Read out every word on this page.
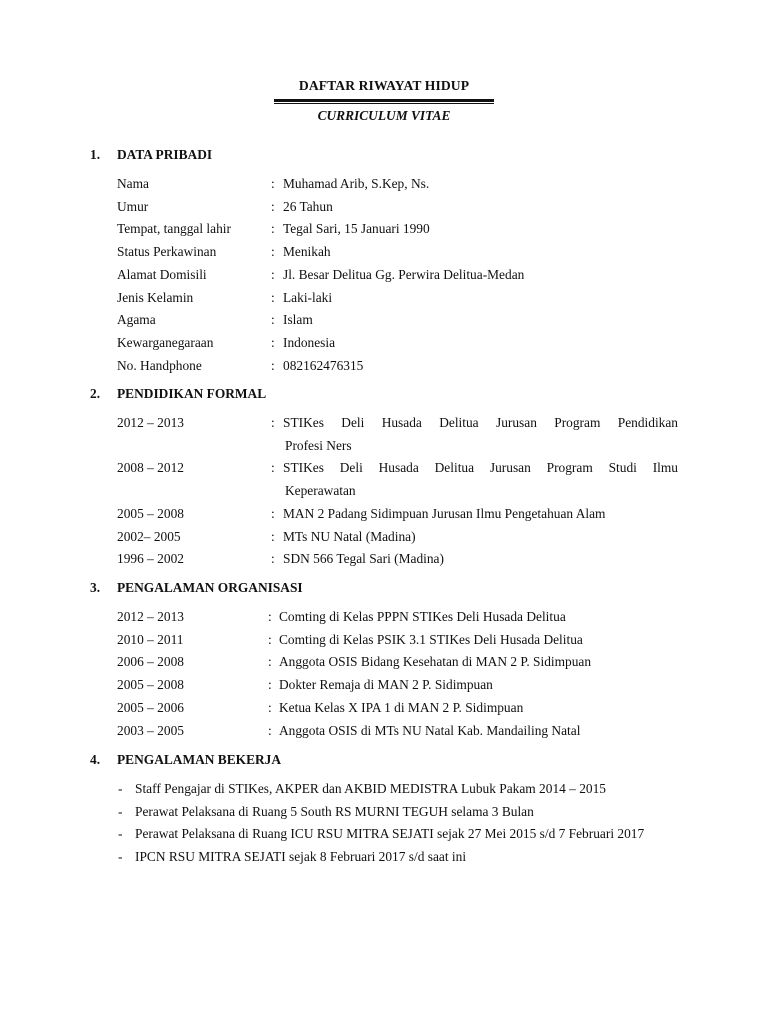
DAFTAR RIWAYAT HIDUP
CURRICULUM VITAE
1. DATA PRIBADI
Nama	: Muhamad Arib, S.Kep, Ns.
Umur	: 26 Tahun
Tempat, tanggal lahir	: Tegal Sari, 15 Januari 1990
Status Perkawinan	: Menikah
Alamat Domisili	: Jl. Besar Delitua Gg. Perwira Delitua-Medan
Jenis Kelamin	: Laki-laki
Agama	: Islam
Kewarganegaraan	: Indonesia
No. Handphone	: 082162476315
2. PENDIDIKAN FORMAL
2012 – 2013	: STIKes Deli Husada Delitua Jurusan Program Pendidikan
Profesi Ners
2008 – 2012	: STIKes Deli Husada Delitua Jurusan Program Studi Ilmu
Keperawatan
2005 – 2008	: MAN 2 Padang Sidimpuan Jurusan Ilmu Pengetahuan Alam
2002– 2005	: MTs NU Natal (Madina)
1996 – 2002	: SDN 566 Tegal Sari (Madina)
3. PENGALAMAN ORGANISASI
2012 – 2013	: Comting di Kelas PPPN STIKes Deli Husada Delitua
2010 – 2011	: Comting di Kelas PSIK 3.1 STIKes Deli Husada Delitua
2006 – 2008	: Anggota OSIS Bidang Kesehatan di MAN 2 P. Sidimpuan
2005 – 2008	: Dokter Remaja di MAN 2 P. Sidimpuan
2005 – 2006	: Ketua Kelas X IPA 1 di MAN 2 P. Sidimpuan
2003 – 2005	: Anggota OSIS di MTs NU Natal Kab. Mandailing Natal
4. PENGALAMAN BEKERJA
- Staff Pengajar di STIKes, AKPER dan AKBID MEDISTRA Lubuk Pakam 2014 – 2015
- Perawat Pelaksana di Ruang 5 South RS MURNI TEGUH selama 3 Bulan
- Perawat Pelaksana di Ruang ICU RSU MITRA SEJATI sejak 27 Mei 2015 s/d 7 Februari 2017
- IPCN RSU MITRA SEJATI sejak 8 Februari 2017 s/d saat ini
